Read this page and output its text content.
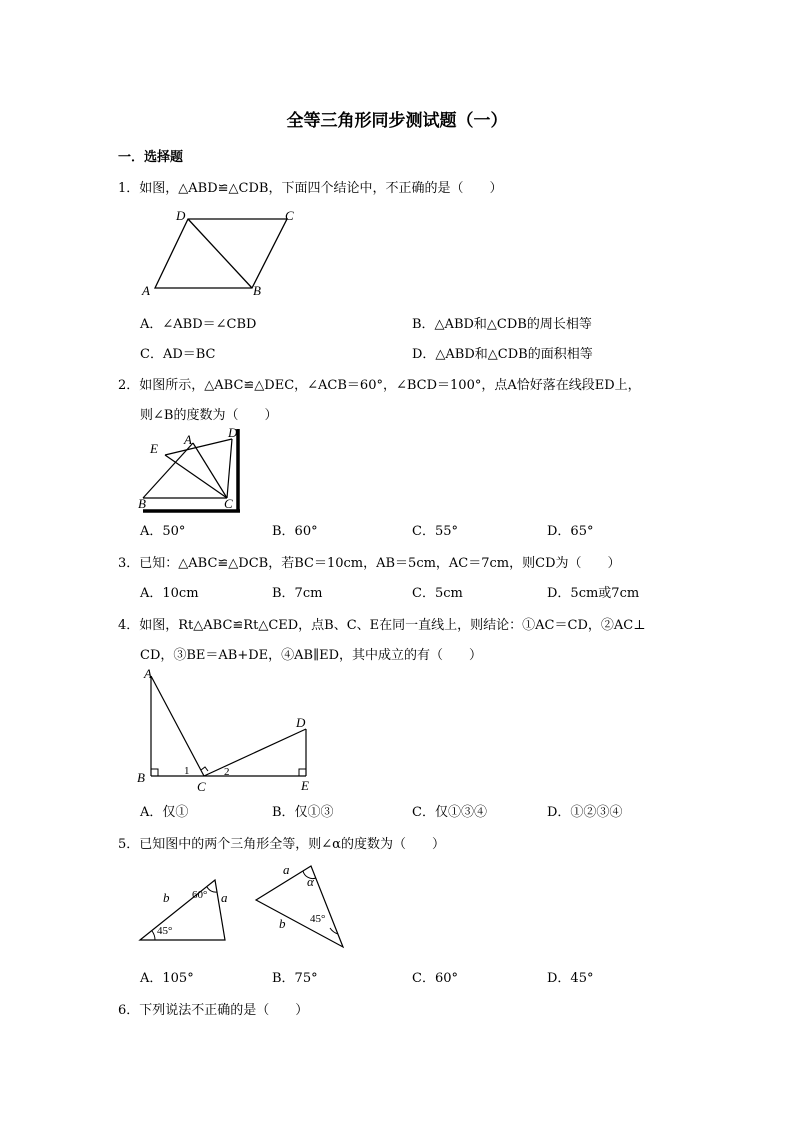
全等三角形同步测试题（一）
一．选择题
1．如图，△ABD≌△CDB，下面四个结论中，不正确的是（　　）
D	C
A	B
A．∠ABD＝∠CBD	B．△ABD和△CDB的周长相等
C．AD＝BC	D．△ABD和△CDB的面积相等
2．如图所示，△ABC≌△DEC，∠ACB＝60°，∠BCD＝100°，点A恰好落在线段ED上，
则∠B的度数为（　　）
E
A	D
B	C
A．50°	B．60°	C．55°	D．65°
3．已知：△ABC≌△DCB，若BC＝10cm，AB＝5cm，AC＝7cm，则CD为（　　）
A．10cm	B．7cm	C．5cm	D．5cm或7cm
4．如图，Rt△ABC≌Rt△CED，点B、C、E在同一直线上，则结论：①AC＝CD，②AC⊥
CD，③BE＝AB+DE，④AB∥ED，其中成立的有（　　）
A
D
B
C	E
1	2
A．仅①	B．仅①③	C．仅①③④	D．①②③④
5．已知图中的两个三角形全等，则∠α的度数为（　　）
b	a
60°
45°
a
α
45°
b
A．105°	B．75°	C．60°	D．45°
6．下列说法不正确的是（　　）
